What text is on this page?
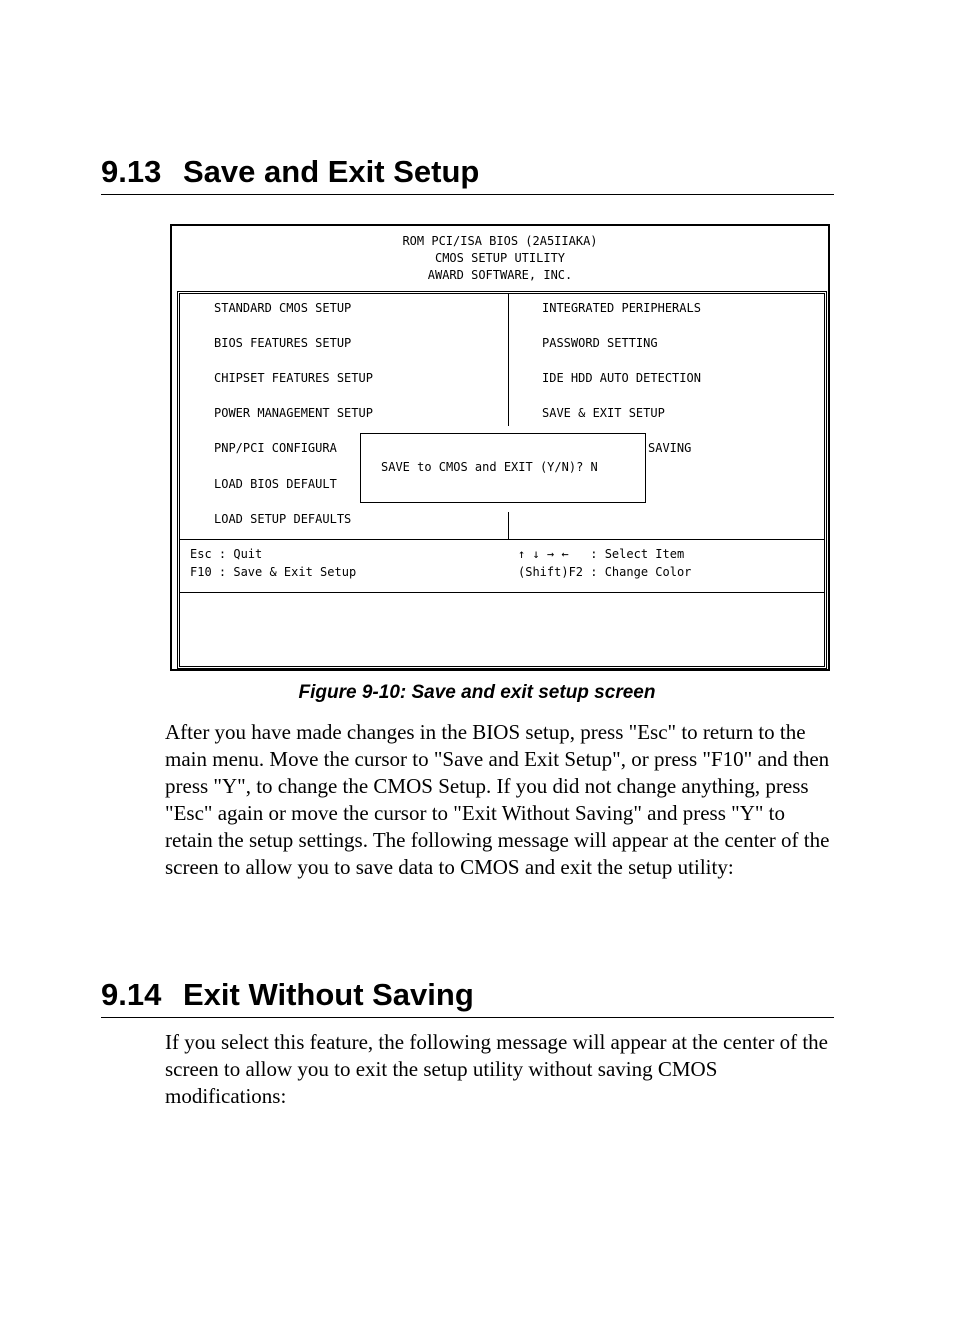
9.13 Save and Exit Setup
ROM PCI/ISA BIOS (2A5IIAKA)
CMOS SETUP UTILITY
AWARD SOFTWARE, INC.
STANDARD CMOS SETUP
BIOS FEATURES SETUP
CHIPSET FEATURES SETUP
POWER MANAGEMENT SETUP
PNP/PCI CONFIGURA
LOAD BIOS DEFAULT
LOAD SETUP DEFAULTS
INTEGRATED PERIPHERALS
PASSWORD SETTING
IDE HDD AUTO DETECTION
SAVE & EXIT SETUP
SAVING
SAVE to CMOS and EXIT (Y/N)? N
Esc : Quit
F10 : Save & Exit Setup
↑ ↓ → ←   : Select Item
(Shift)F2 : Change Color
Figure 9-10: Save and exit setup screen
After you have made changes in the BIOS setup, press "Esc" to return to the main menu. Move the cursor to "Save and Exit Setup", or press "F10" and then press "Y", to change the CMOS Setup. If you did not change anything, press "Esc" again or move the cursor to "Exit Without Saving" and press "Y" to retain the setup settings. The following message will appear at the center of the screen to allow you to save data to CMOS and exit the setup utility:
9.14 Exit Without Saving
If you select this feature, the following message will appear at the center of the screen to allow you to exit the setup utility without saving CMOS modifications:
